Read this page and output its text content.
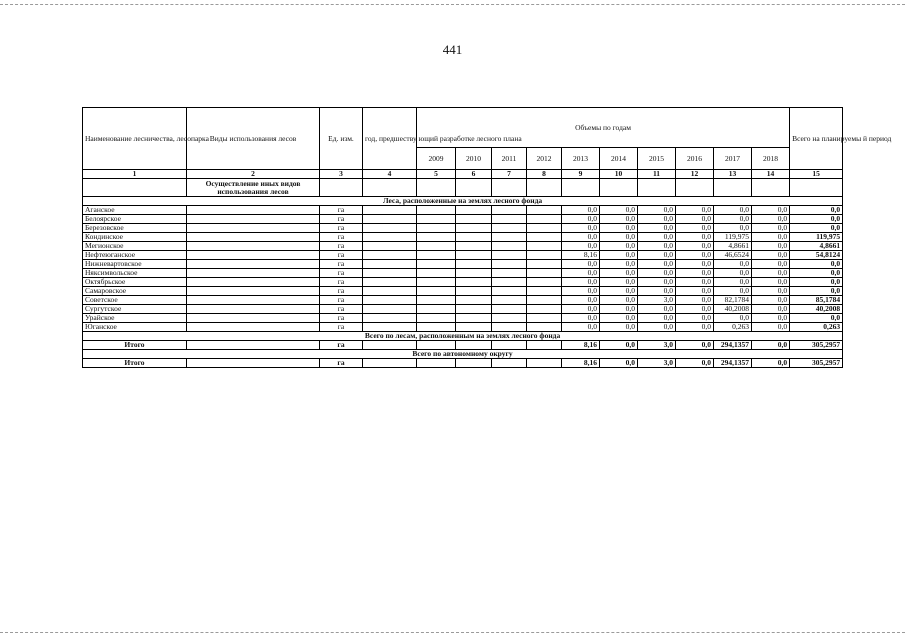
441
Наименование лесничества, лесопарка	Виды использования лесов	Ед. изм.	год, предшеству ющий разработке лесного плана	Объемы по годам										Всего на планируемы й период
				2009	2010	2011	2012	2013	2014	2015	2016	2017	2018	
1	2	3	4	5	6	7	8	9	10	11	12	13	14	15
	Осуществление иных видов использования лесов													
Леса, расположенные на землях лесного фонда														
Аганское		га						0,0	0,0	0,0	0,0	0,0	0,0	0,0
Белоярское		га						0,0	0,0	0,0	0,0	0,0	0,0	0,0
Березовское		га						0,0	0,0	0,0	0,0	0,0	0,0	0,0
Кондинское		га						0,0	0,0	0,0	0,0	119,975	0,0	119,975
Мегионское		га						0,0	0,0	0,0	0,0	4,8661	0,0	4,8661
Нефтеюганское		га						8,16	0,0	0,0	0,0	46,6524	0,0	54,8124
Нижневартовское		га						0,0	0,0	0,0	0,0	0,0	0,0	0,0
Няксимвольское		га						0,0	0,0	0,0	0,0	0,0	0,0	0,0
Октябрьское		га						0,0	0,0	0,0	0,0	0,0	0,0	0,0
Самаровское		га						0,0	0,0	0,0	0,0	0,0	0,0	0,0
Советское		га						0,0	0,0	3,0	0,0	82,1784	0,0	85,1784
Сургутское		га						0,0	0,0	0,0	0,0	40,2008	0,0	40,2008
Урайское		га						0,0	0,0	0,0	0,0	0,0	0,0	0,0
Юганское		га						0,0	0,0	0,0	0,0	0,263	0,0	0,263
Всего по лесам, расположенным на землях лесного фонда														
Итого		га						8,16	0,0	3,0	0,0	294,1357	0,0	305,2957
Всего по автономному округу														
Итого		га						8,16	0,0	3,0	0,0	294,1357	0,0	305,2957
